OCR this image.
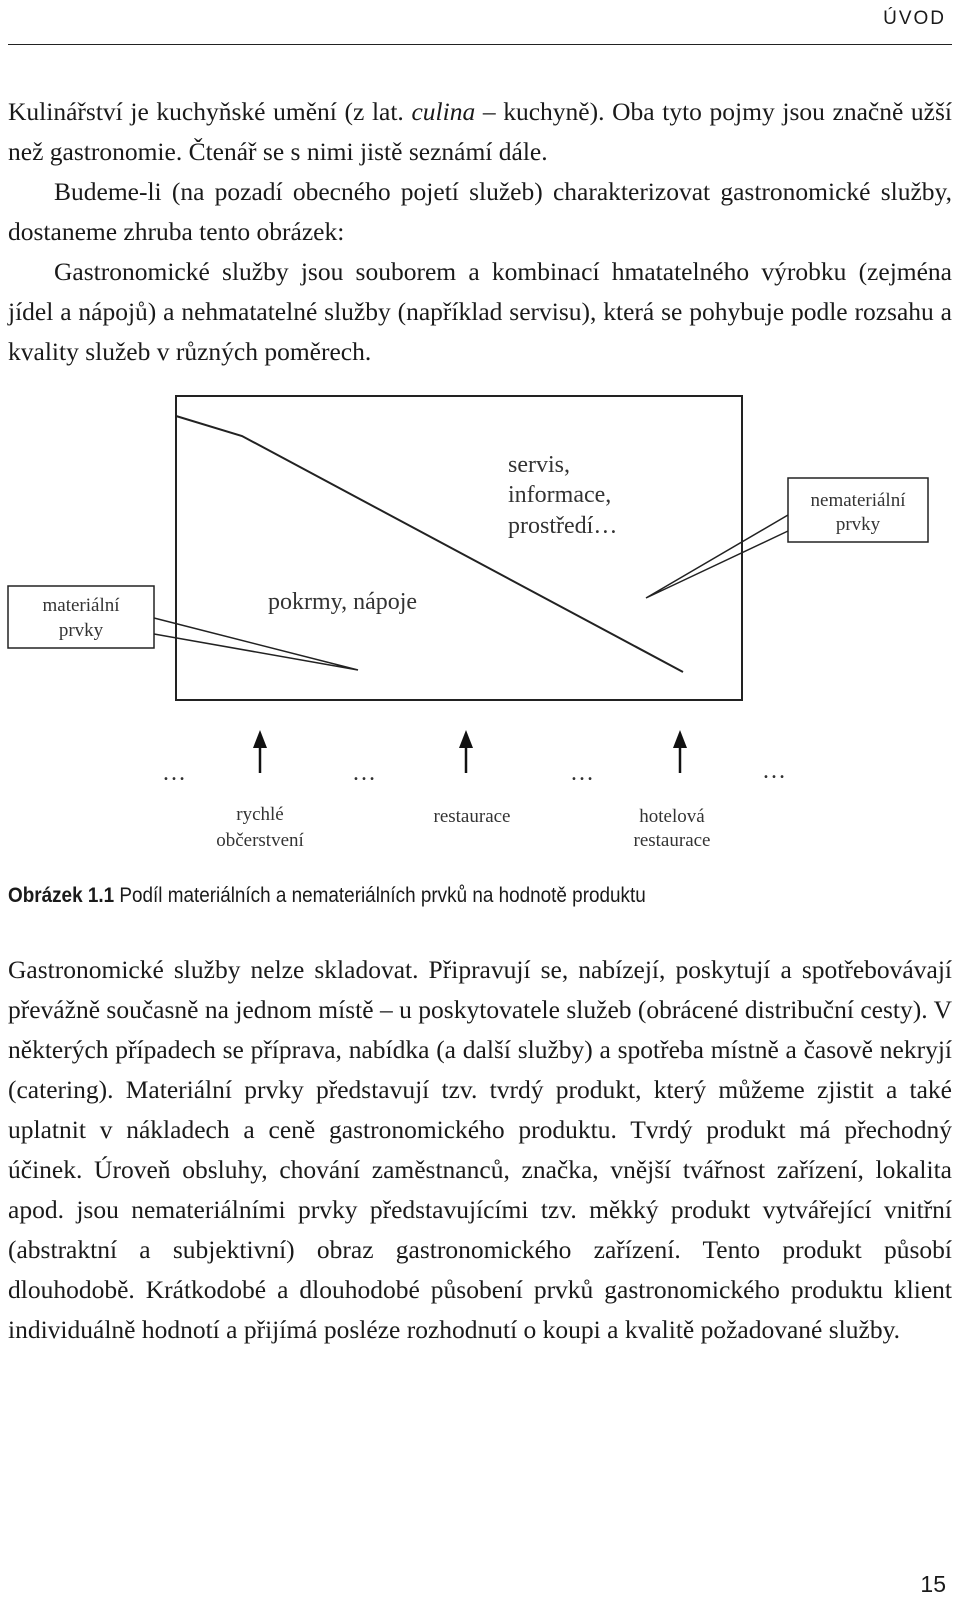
ÚVOD
Kulinářství je kuchyňské umění (z lat. culina – kuchyně). Oba tyto pojmy jsou značně užší než gastronomie. Čtenář se s nimi jistě seznámí dále.
Budeme-li (na pozadí obecného pojetí služeb) charakterizovat gastronomické služby, dostaneme zhruba tento obrázek:
Gastronomické služby jsou souborem a kombinací hmatatelného výrobku (zejména jídel a nápojů) a nehmatatelné služby (například servisu), která se pohybuje podle rozsahu a kvality služeb v různých poměrech.
servis,
informace,
prostředí…
pokrmy, nápoje
nemateriální
prvky
materiální
prvky
…	…	…	…
rychlé
občerstvení
restaurace	hotelová
restaurace
Obrázek 1.1 Podíl materiálních a nemateriálních prvků na hodnotě produktu
Gastronomické služby nelze skladovat. Připravují se, nabízejí, poskytují a spotřebovávají převážně současně na jednom místě – u poskytovatele služeb (obrácené distribuční cesty). V některých případech se příprava, nabídka (a další služby) a spotřeba místně a časově nekryjí (catering). Materiální prvky představují tzv. tvrdý produkt, který můžeme zjistit a také uplatnit v nákladech a ceně gastronomického produktu. Tvrdý produkt má přechodný účinek. Úroveň obsluhy, chování zaměstnanců, značka, vnější tvářnost zařízení, lokalita apod. jsou nemateriálními prvky představujícími tzv. měkký produkt vytvářející vnitřní (abstraktní a subjektivní) obraz gastronomického zařízení. Tento produkt působí dlouhodobě. Krátkodobé a dlouhodobé působení prvků gastronomického produktu klient individuálně hodnotí a přijímá posléze rozhodnutí o koupi a kvalitě požadované služby.
15
